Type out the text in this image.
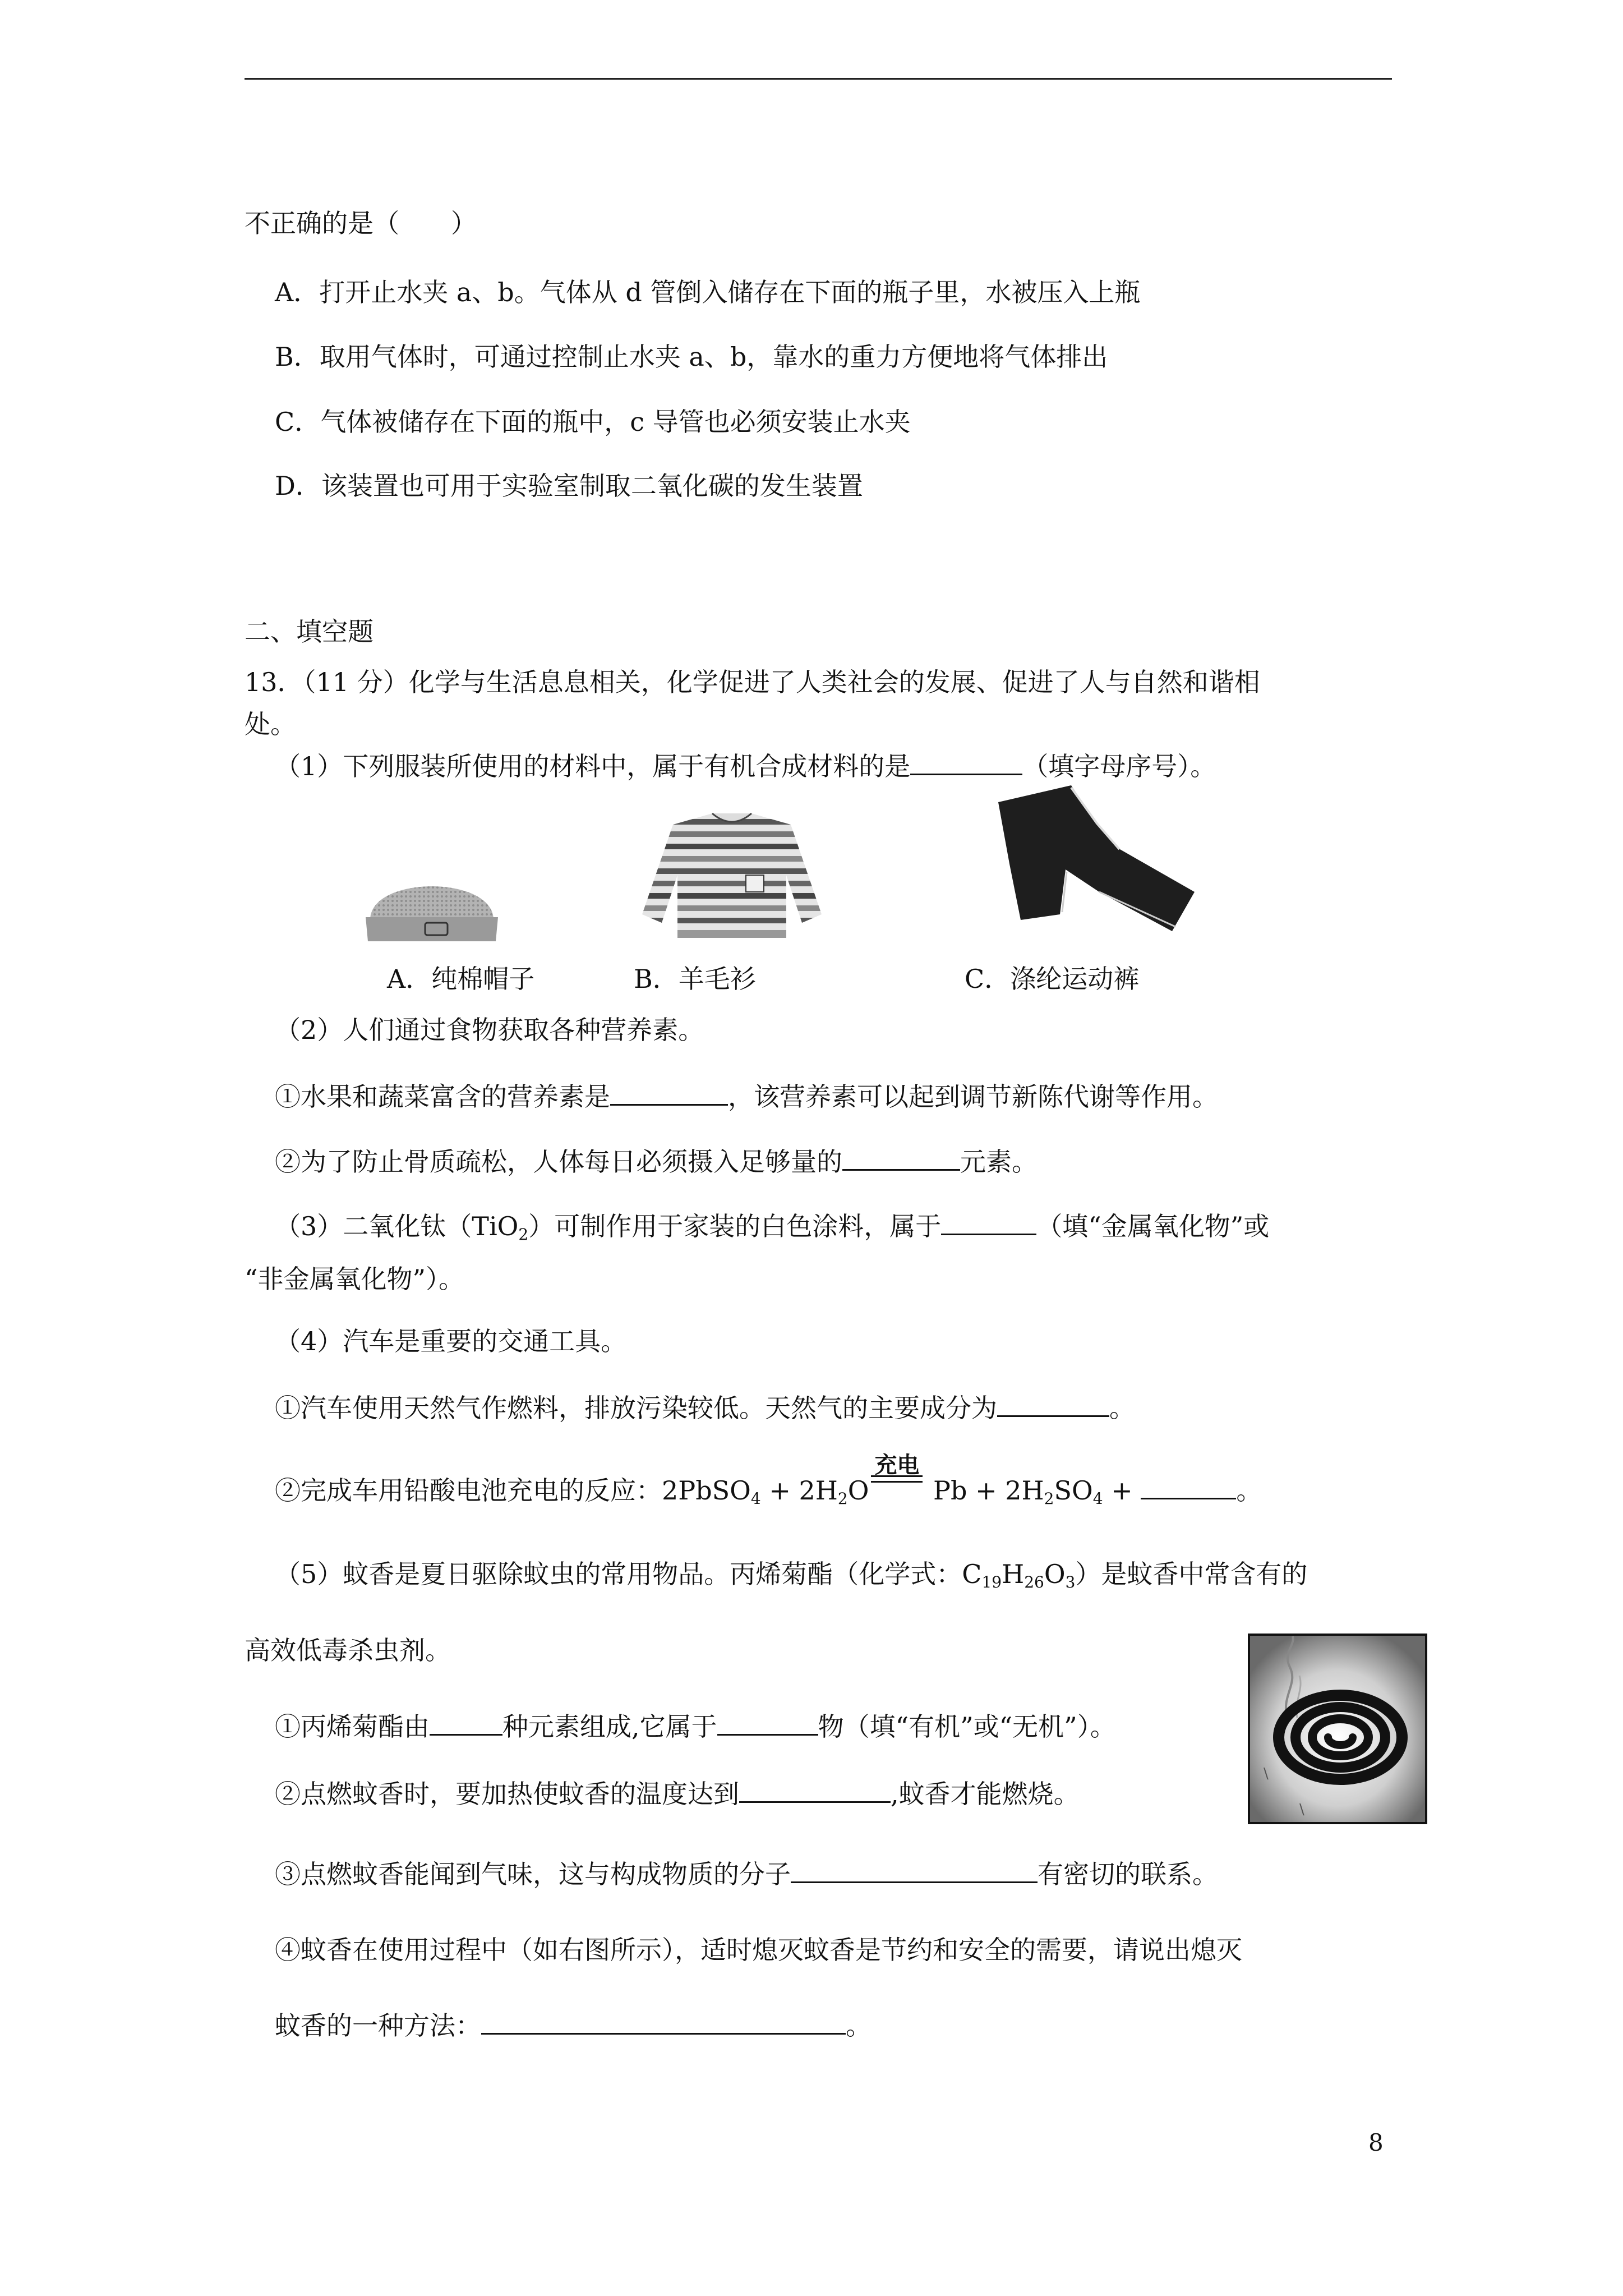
不正确的是（　　）
A．打开止水夹 a、b。气体从 d 管倒入储存在下面的瓶子里，水被压入上瓶
B．取用气体时，可通过控制止水夹 a、b，靠水的重力方便地将气体排出
C．气体被储存在下面的瓶中，c 导管也必须安装止水夹
D．该装置也可用于实验室制取二氧化碳的发生装置
二、填空题
13．（11 分）化学与生活息息相关，化学促进了人类社会的发展、促进了人与自然和谐相
处。
（1）下列服装所使用的材料中，属于有机合成材料的是	（填字母序号）。
A．纯棉帽子	B．羊毛衫	C．涤纶运动裤
（2）人们通过食物获取各种营养素。
①水果和蔬菜富含的营养素是	，该营养素可以起到调节新陈代谢等作用。
②为了防止骨质疏松，人体每日必须摄入足够量的	元素。
（3）二氧化钛（TiO$_2$）可制作用于家装的白色涂料，属于	（填“金属氧化物”或
“非金属氧化物”）。
（4）汽车是重要的交通工具。
①汽车使用天然气作燃料，排放污染较低。天然气的主要成分为	。
②完成车用铅酸电池充电的反应：2PbSO$_4$ + $2H_2O$
充电
$Pb + 2H_2SO_4$ +	。
（5）蚊香是夏日驱除蚊虫的常用物品。丙烯菊酯（化学式：$C_{19}H_{26}O_3$）是蚊香中常含有的
高效低毒杀虫剂。
\
\
①丙烯菊酯由	种元素组成,它属于	物（填“有机”或“无机”）。
②点燃蚊香时，要加热使蚊香的温度达到	,蚊香才能燃烧。
③点燃蚊香能闻到气味，这与构成物质的分子	有密切的联系。
④蚊香在使用过程中（如右图所示），适时熄灭蚊香是节约和安全的需要，请说出熄灭
蚊香的一种方法：	。
8
